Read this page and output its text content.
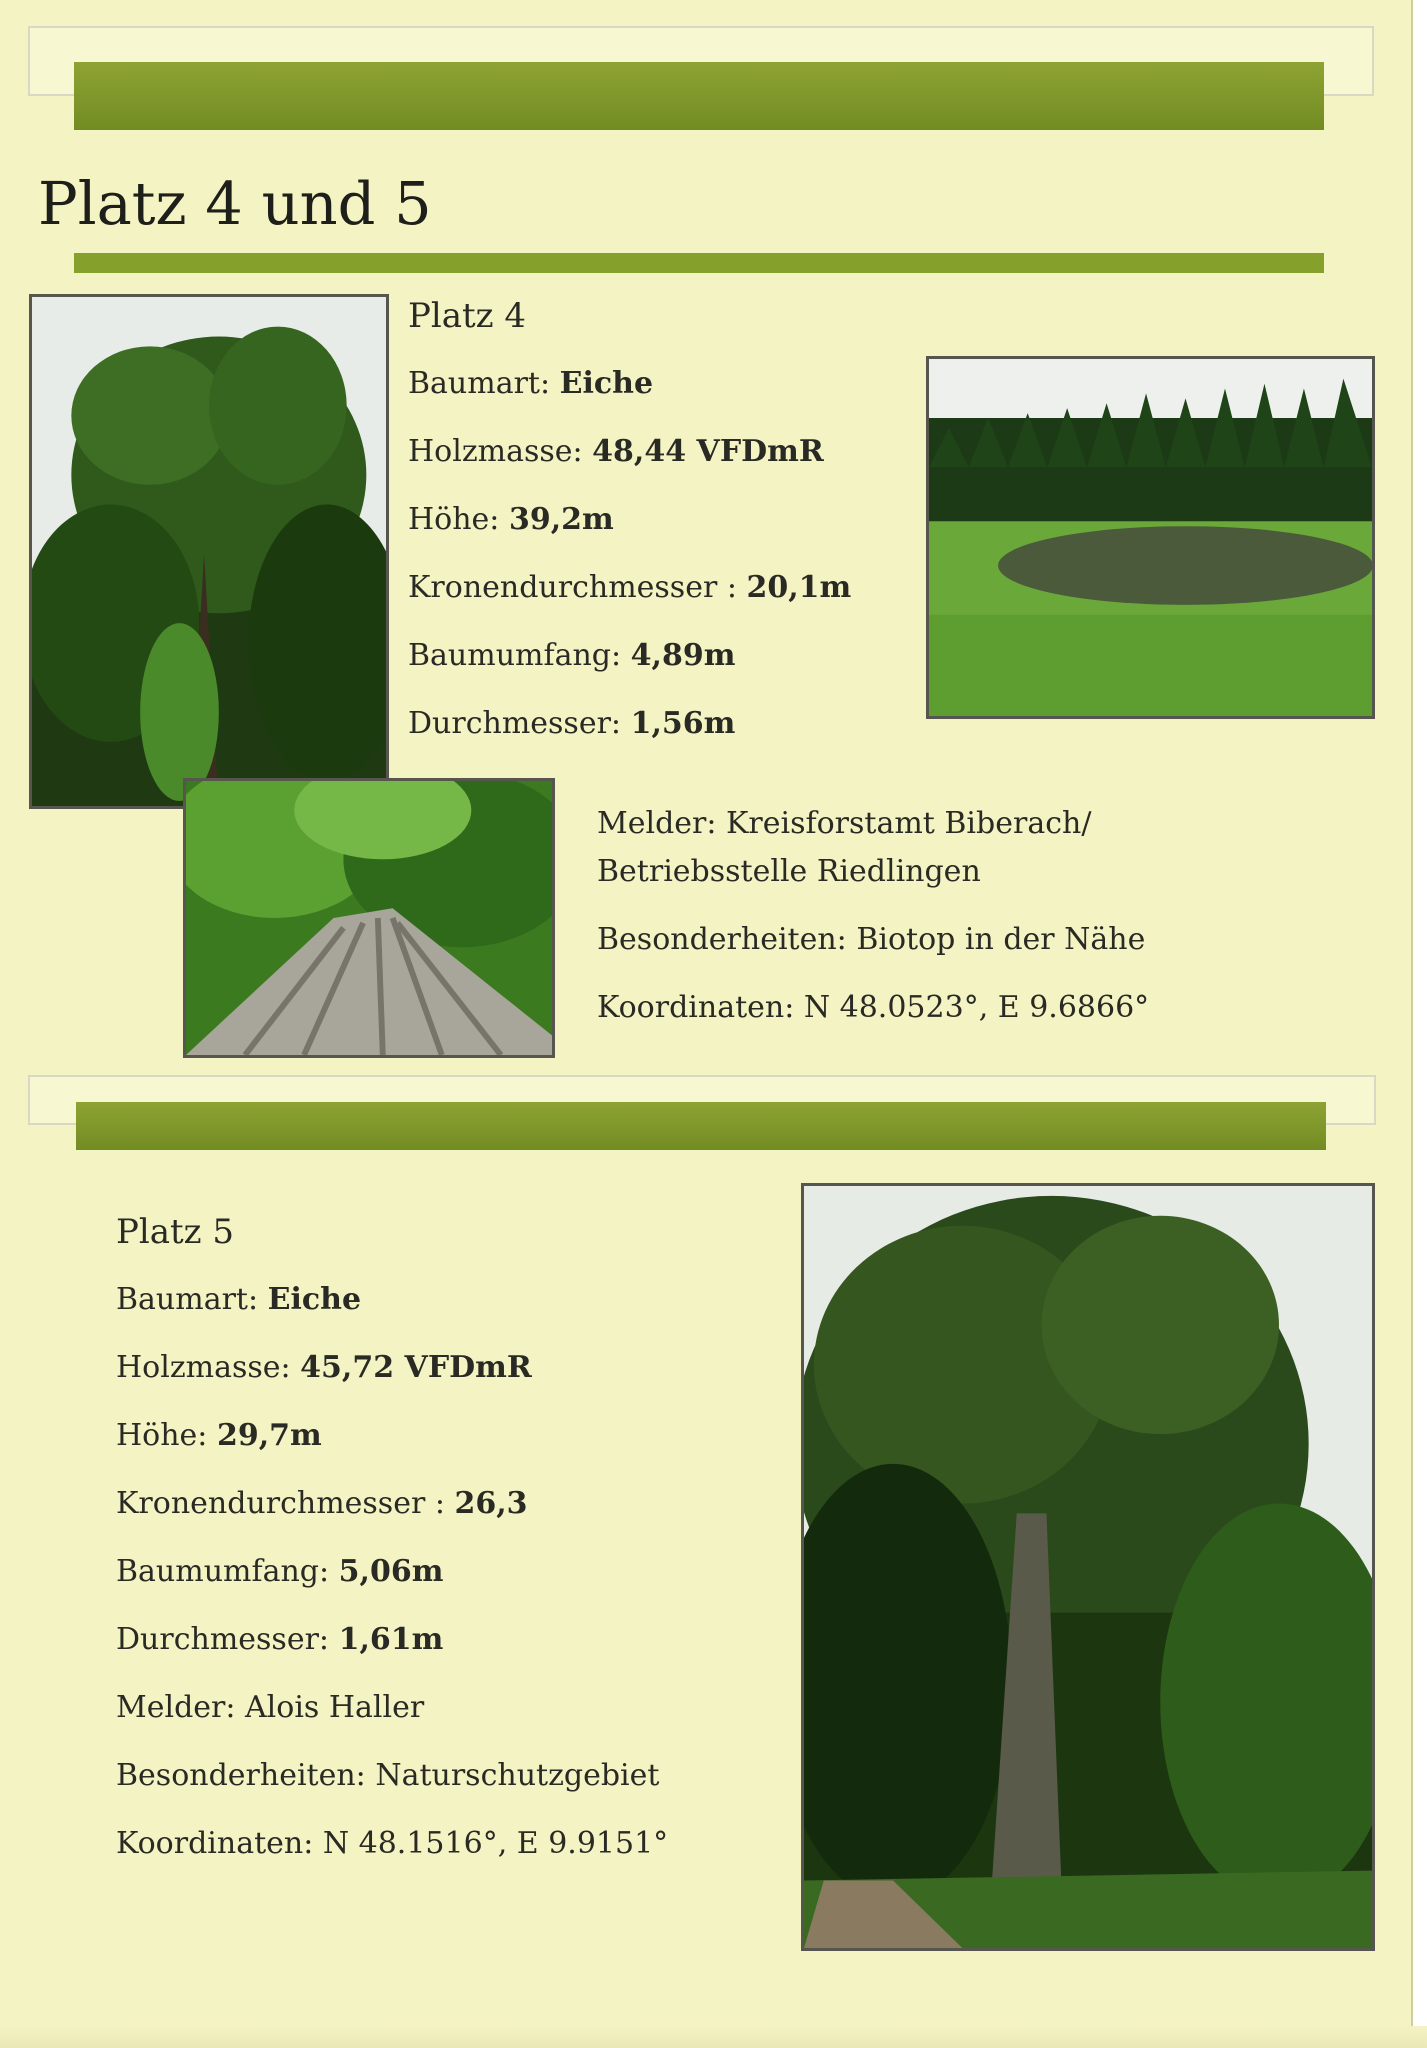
Platz 4 und 5
Platz 4
Baumart: Eiche
Holzmasse: 48,44 VFDmR
Höhe: 39,2m
Kronendurchmesser : 20,1m
Baumumfang: 4,89m
Durchmesser: 1,56m
Melder: Kreisforstamt Biberach/
Betriebsstelle Riedlingen
Besonderheiten: Biotop in der Nähe
Koordinaten: N 48.0523°, E 9.6866°
Platz 5
Baumart: Eiche
Holzmasse: 45,72 VFDmR
Höhe: 29,7m
Kronendurchmesser : 26,3
Baumumfang: 5,06m
Durchmesser: 1,61m
Melder: Alois Haller
Besonderheiten: Naturschutzgebiet
Koordinaten: N 48.1516°, E 9.9151°
